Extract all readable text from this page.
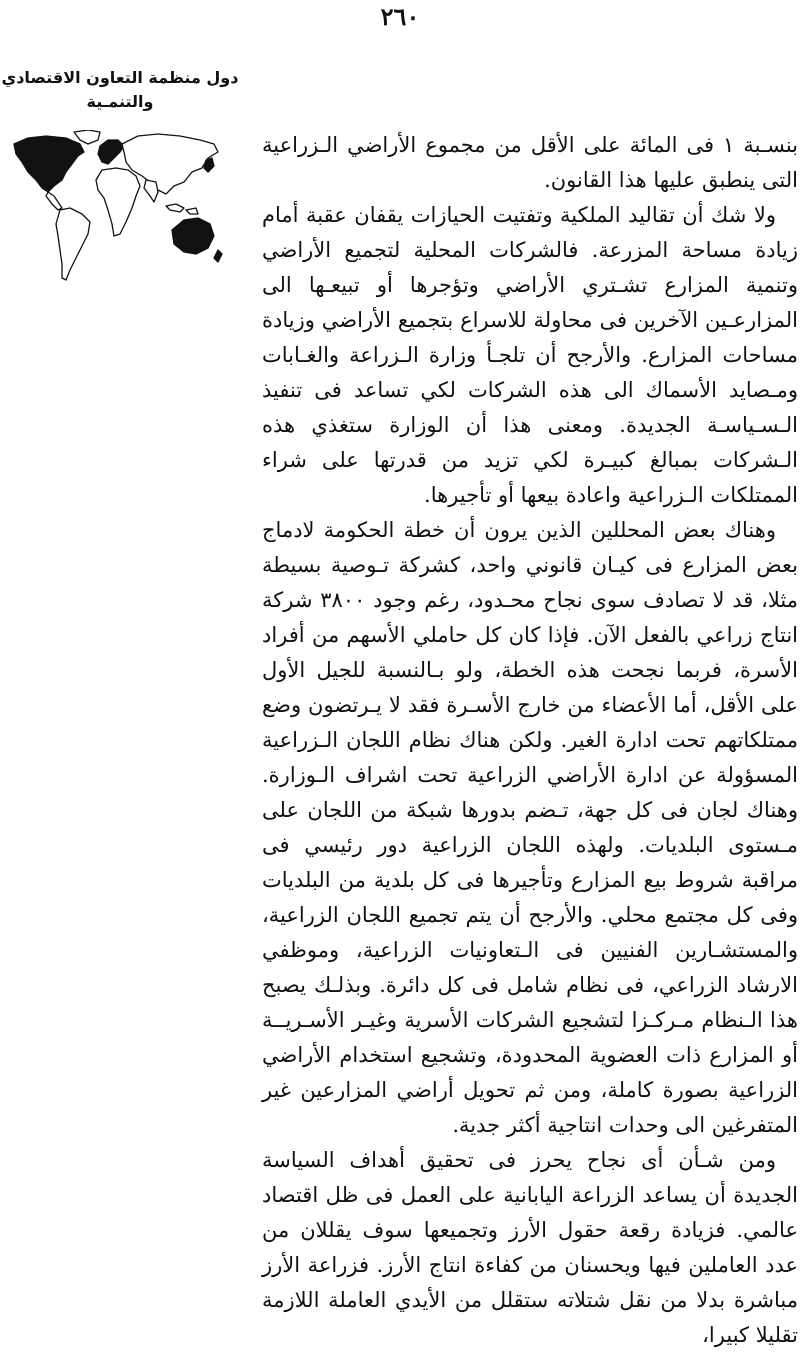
٢٦٠
دول منظمة التعاون الاقتصادي
والتنمـية

بنسـبة ١ فى المائة على الأقل من مجموع الأراضي الـزراعية التى ينطبق عليها هذا القانون.

ولا شك أن تقاليد الملكية وتفتيت الحيازات يقفان عقبة أمام زيادة مساحة المزرعة. فالشركات المحلية لتجميع الأراضي وتنمية المزارع تشـتري الأراضي وتؤجرها أو تبيعـها الى المزارعـين الآخرين فى محاولة للاسراع بتجميع الأراضي وزيادة مساحات المزارع. والأرجح أن تلجـأ وزارة الـزراعة والغـابات ومـصايد الأسماك الى هذه الشركات لكي تساعد فى تنفيذ الـسـياسـة الجديدة. ومعنى هذا أن الوزارة ستغذي هذه الـشركات بمبالغ كبيـرة لكي تزيد من قدرتها على شراء الممتلكات الـزراعية واعادة بيعها أو تأجيرها.

وهناك بعض المحللين الذين يرون أن خطة الحكومة لادماج بعض المزارع فى كيـان قانوني واحد، كشركة تـوصية بسيطة مثلا، قد لا تصادف سوى نجاح محـدود، رغم وجود ٣٨٠٠ شركة انتاج زراعي بالفعل الآن. فإذا كان كل حاملي الأسهم من أفراد الأسرة، فربما نجحت هذه الخطة، ولو بـالنسبة للجيل الأول على الأقل، أما الأعضاء من خارج الأسـرة فقد لا يـرتضون وضع ممتلكاتهم تحت ادارة الغير. ولكن هناك نظام اللجان الـزراعية المسؤولة عن ادارة الأراضي الزراعية تحت اشراف الـوزارة. وهناك لجان فى كل جهة، تـضم بدورها شبكة من اللجان على مـستوى البلديات. ولهذه اللجان الزراعية دور رئيسي فى مراقبة شروط بيع المزارع وتأجيرها فى كل بلدية من البلديات وفى كل مجتمع محلي. والأرجح أن يتم تجميع اللجان الزراعية، والمستشـارين الفنيين فى الـتعاونيات الزراعية، وموظفي الارشاد الزراعي، فى نظام شامل فى كل دائرة. وبذلـك يصبح هذا الـنظام مـركـزا لتشجيع الشركات الأسرية وغيـر الأسـريــة أو المزارع ذات العضوية المحدودة، وتشجيع استخدام الأراضي الزراعية بصورة كاملة، ومن ثم تحويل أراضي المزارعين غير المتفرغين الى وحدات انتاجية أكثر جدية.

ومن شـأن أى نجاح يحرز فى تحقيق أهداف السياسة الجديدة أن يساعد الزراعة اليابانية على العمل فى ظل اقتصاد عالمي. فزيادة رقعة حقول الأرز وتجميعها سوف يقللان من عدد العاملين فيها ويحسنان من كفاءة انتاج الأرز. فزراعة الأرز مباشرة بدلا من نقل شتلاته ستقلل من الأيدي العاملة اللازمة تقليلا كبيرا،
